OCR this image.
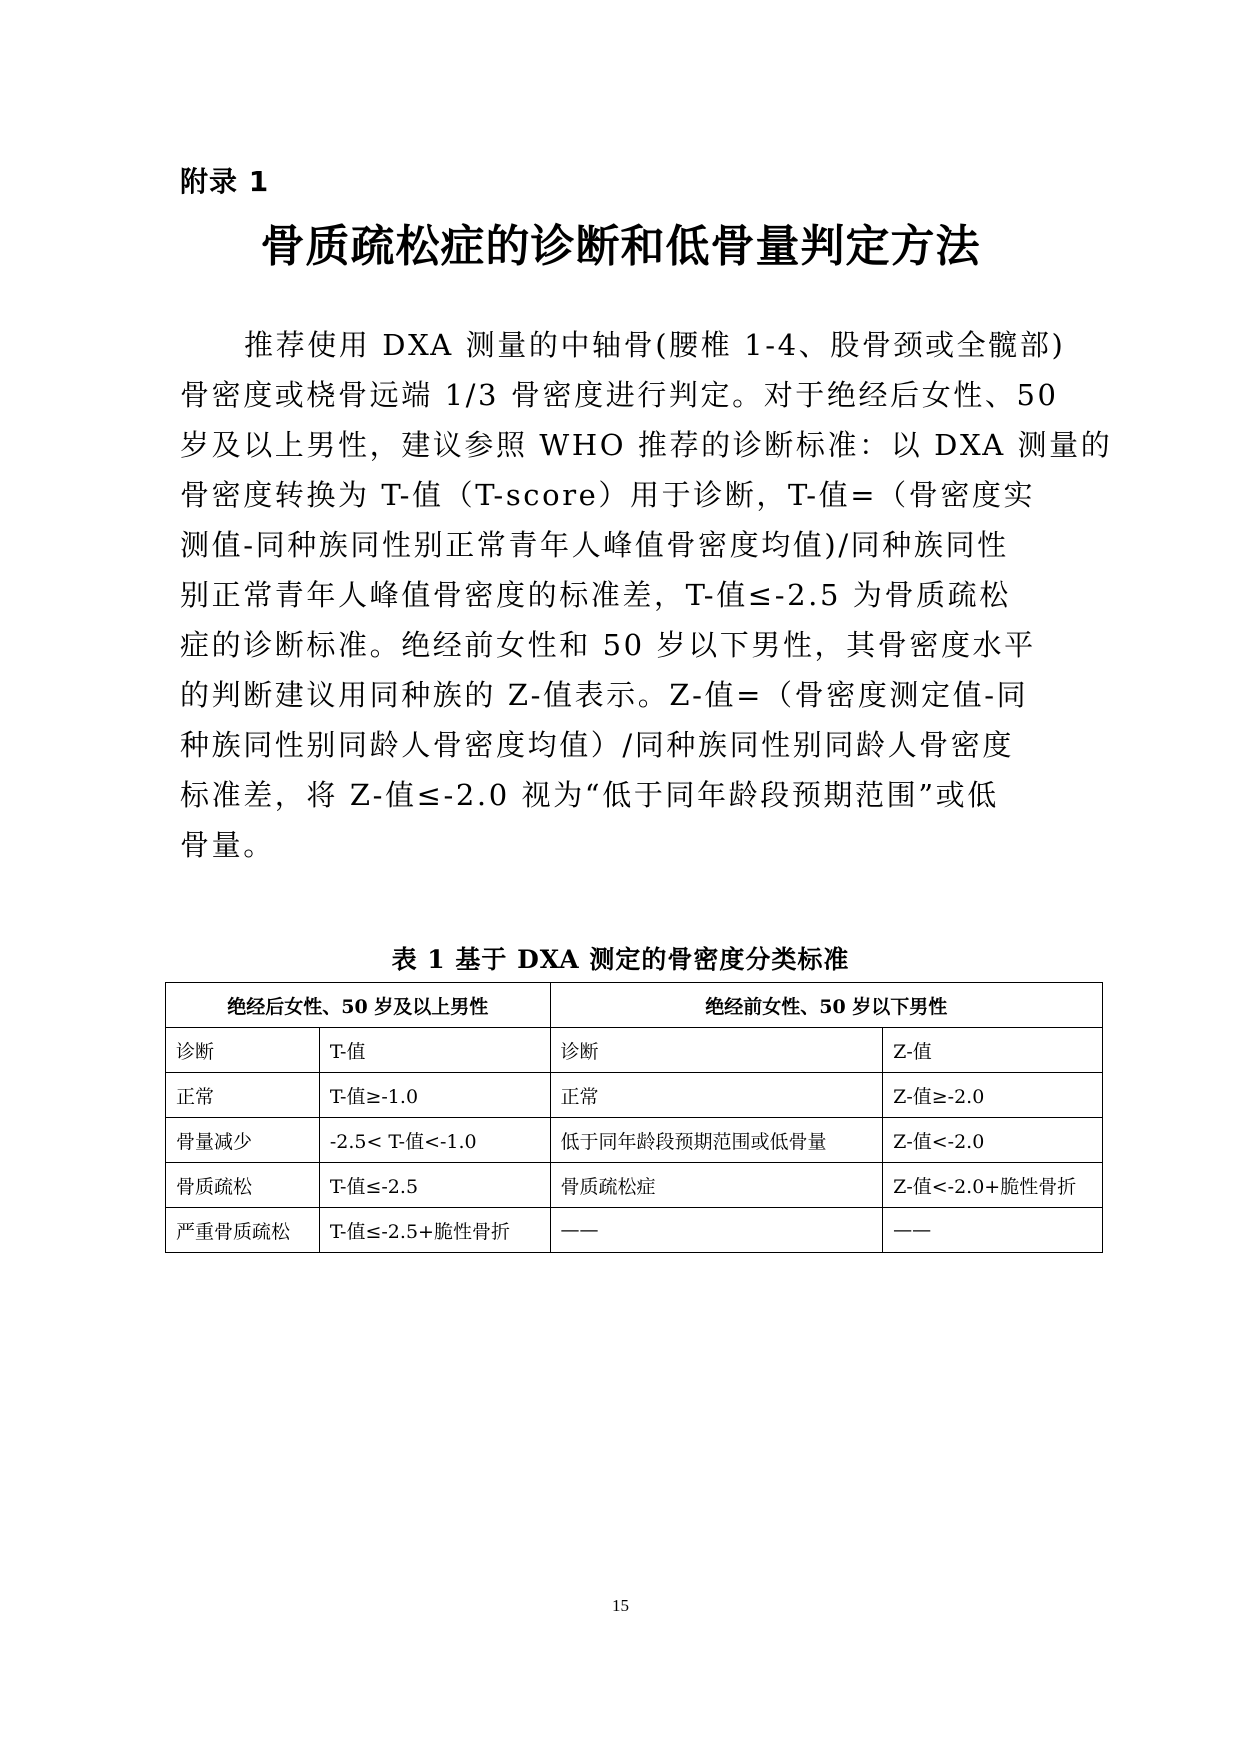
附录 1
骨质疏松症的诊断和低骨量判定方法
推荐使用 DXA 测量的中轴骨(腰椎 1-4、股骨颈或全髋部)
骨密度或桡骨远端 1/3 骨密度进行判定。对于绝经后女性、50
岁及以上男性，建议参照 WHO 推荐的诊断标准：以 DXA 测量的
骨密度转换为 T-值（T-score）用于诊断，T-值=（骨密度实
测值-同种族同性别正常青年人峰值骨密度均值)/同种族同性
别正常青年人峰值骨密度的标准差，T-值≤-2.5 为骨质疏松
症的诊断标准。绝经前女性和 50 岁以下男性，其骨密度水平
的判断建议用同种族的 Z-值表示。Z-值=（骨密度测定值-同
种族同性别同龄人骨密度均值）/同种族同性别同龄人骨密度
标准差，将 Z-值≤-2.0 视为“低于同年龄段预期范围”或低
骨量。
表 1 基于 DXA 测定的骨密度分类标准
绝经后女性、50 岁及以上男性		绝经前女性、50 岁以下男性	
诊断	T-值	诊断	Z-值
正常	T-值≥-1.0	正常	Z-值≥-2.0
骨量减少	-2.5< T-值<-1.0	低于同年龄段预期范围或低骨量	Z-值<-2.0
骨质疏松	T-值≤-2.5	骨质疏松症	Z-值<-2.0+脆性骨折
严重骨质疏松	T-值≤-2.5+脆性骨折	——	——
15
